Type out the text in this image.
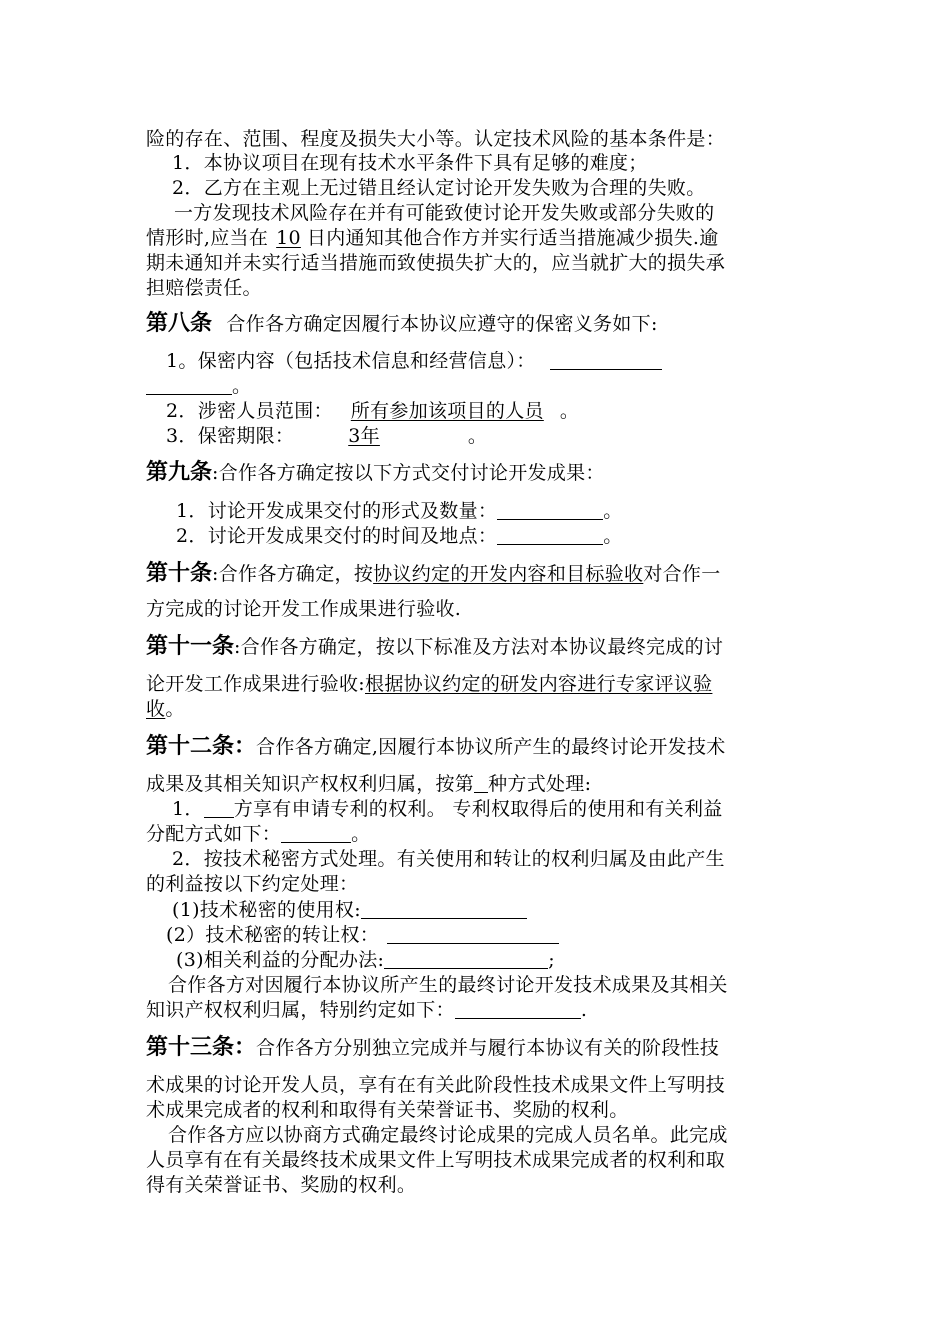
险的存在、范围、程度及损失大小等。认定技术风险的基本条件是：
1．本协议项目在现有技术水平条件下具有足够的难度；
2．乙方在主观上无过错且经认定讨论开发失败为合理的失败。
一方发现技术风险存在并有可能致使讨论开发失败或部分失败的
情形时,应当在 10 日内通知其他合作方并实行适当措施减少损失.逾
期未通知并未实行适当措施而致使损失扩大的，应当就扩大的损失承
担赔偿责任。
第八条 合作各方确定因履行本协议应遵守的保密义务如下:
1。保密内容（包括技术信息和经营信息）：
。
2．涉密人员范围： 所有参加该项目的人员 。
3．保密期限：	3年	。
第九条:合作各方确定按以下方式交付讨论开发成果：
1．讨论开发成果交付的形式及数量：	。
2．讨论开发成果交付的时间及地点：	。
第十条:合作各方确定，按协议约定的开发内容和目标验收对合作一
方完成的讨论开发工作成果进行验收.
第十一条:合作各方确定，按以下标准及方法对本协议最终完成的讨
论开发工作成果进行验收:根据协议约定的研发内容进行专家评议验
收。
第十二条：合作各方确定,因履行本协议所产生的最终讨论开发技术
成果及其相关知识产权权利归属，按第 种方式处理:
1． 方享有申请专利的权利。 专利权取得后的使用和有关利益
分配方式如下：	。
2．按技术秘密方式处理。有关使用和转让的权利归属及由此产生
的利益按以下约定处理：
(1)技术秘密的使用权:
(2）技术秘密的转让权：
(3)相关利益的分配办法:	;
合作各方对因履行本协议所产生的最终讨论开发技术成果及其相关
知识产权权利归属，特别约定如下：	.
第十三条：合作各方分别独立完成并与履行本协议有关的阶段性技
术成果的讨论开发人员，享有在有关此阶段性技术成果文件上写明技
术成果完成者的权利和取得有关荣誉证书、奖励的权利。
合作各方应以协商方式确定最终讨论成果的完成人员名单。此完成
人员享有在有关最终技术成果文件上写明技术成果完成者的权利和取
得有关荣誉证书、奖励的权利。
